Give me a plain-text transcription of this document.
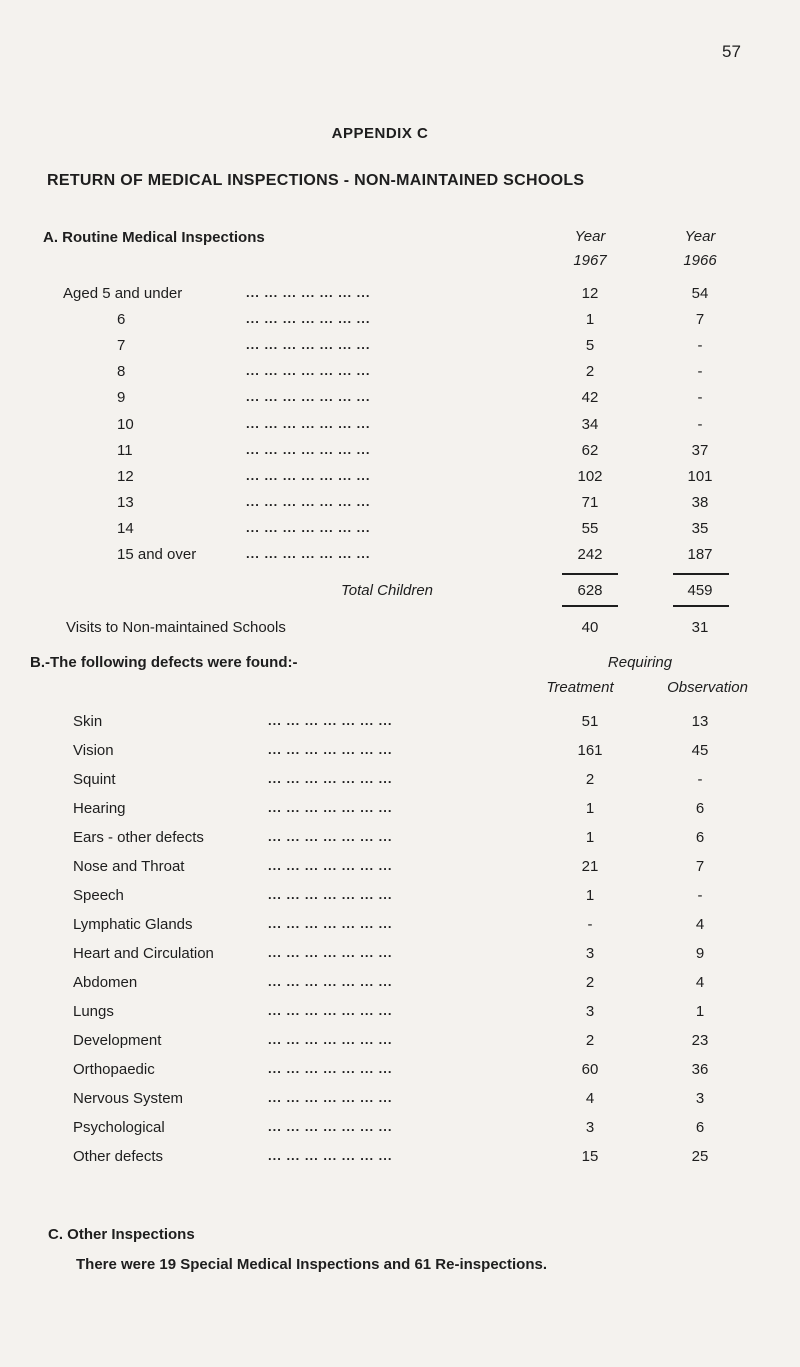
57
APPENDIX C
RETURN OF MEDICAL INSPECTIONS - NON-MAINTAINED SCHOOLS
A. Routine Medical Inspections	Year	Year
1967	1966
Aged 5 and under	... ... ... ... ... ... ...	12	54
6	... ... ... ... ... ... ...	1	7
7	... ... ... ... ... ... ...	5	-
8	... ... ... ... ... ... ...	2	-
9	... ... ... ... ... ... ...	42	-
10	... ... ... ... ... ... ...	34	-
11	... ... ... ... ... ... ...	62	37
12	... ... ... ... ... ... ...	102	101
13	... ... ... ... ... ... ...	71	38
14	... ... ... ... ... ... ...	55	35
15 and over	... ... ... ... ... ... ...	242	187
Total Children	628	459
Visits to Non-maintained Schools	40	31
B.-The following defects were found:-	Requiring
Treatment	Observation
Skin	... ... ... ... ... ... ...	51	13
Vision	... ... ... ... ... ... ...	161	45
Squint	... ... ... ... ... ... ...	2	-
Hearing	... ... ... ... ... ... ...	1	6
Ears - other defects	... ... ... ... ... ... ...	1	6
Nose and Throat	... ... ... ... ... ... ...	21	7
Speech	... ... ... ... ... ... ...	1	-
Lymphatic Glands	... ... ... ... ... ... ...	-	4
Heart and Circulation	... ... ... ... ... ... ...	3	9
Abdomen	... ... ... ... ... ... ...	2	4
Lungs	... ... ... ... ... ... ...	3	1
Development	... ... ... ... ... ... ...	2	23
Orthopaedic	... ... ... ... ... ... ...	60	36
Nervous System	... ... ... ... ... ... ...	4	3
Psychological	... ... ... ... ... ... ...	3	6
Other defects	... ... ... ... ... ... ...	15	25
C. Other Inspections
There were 19 Special Medical Inspections and 61 Re-inspections.
